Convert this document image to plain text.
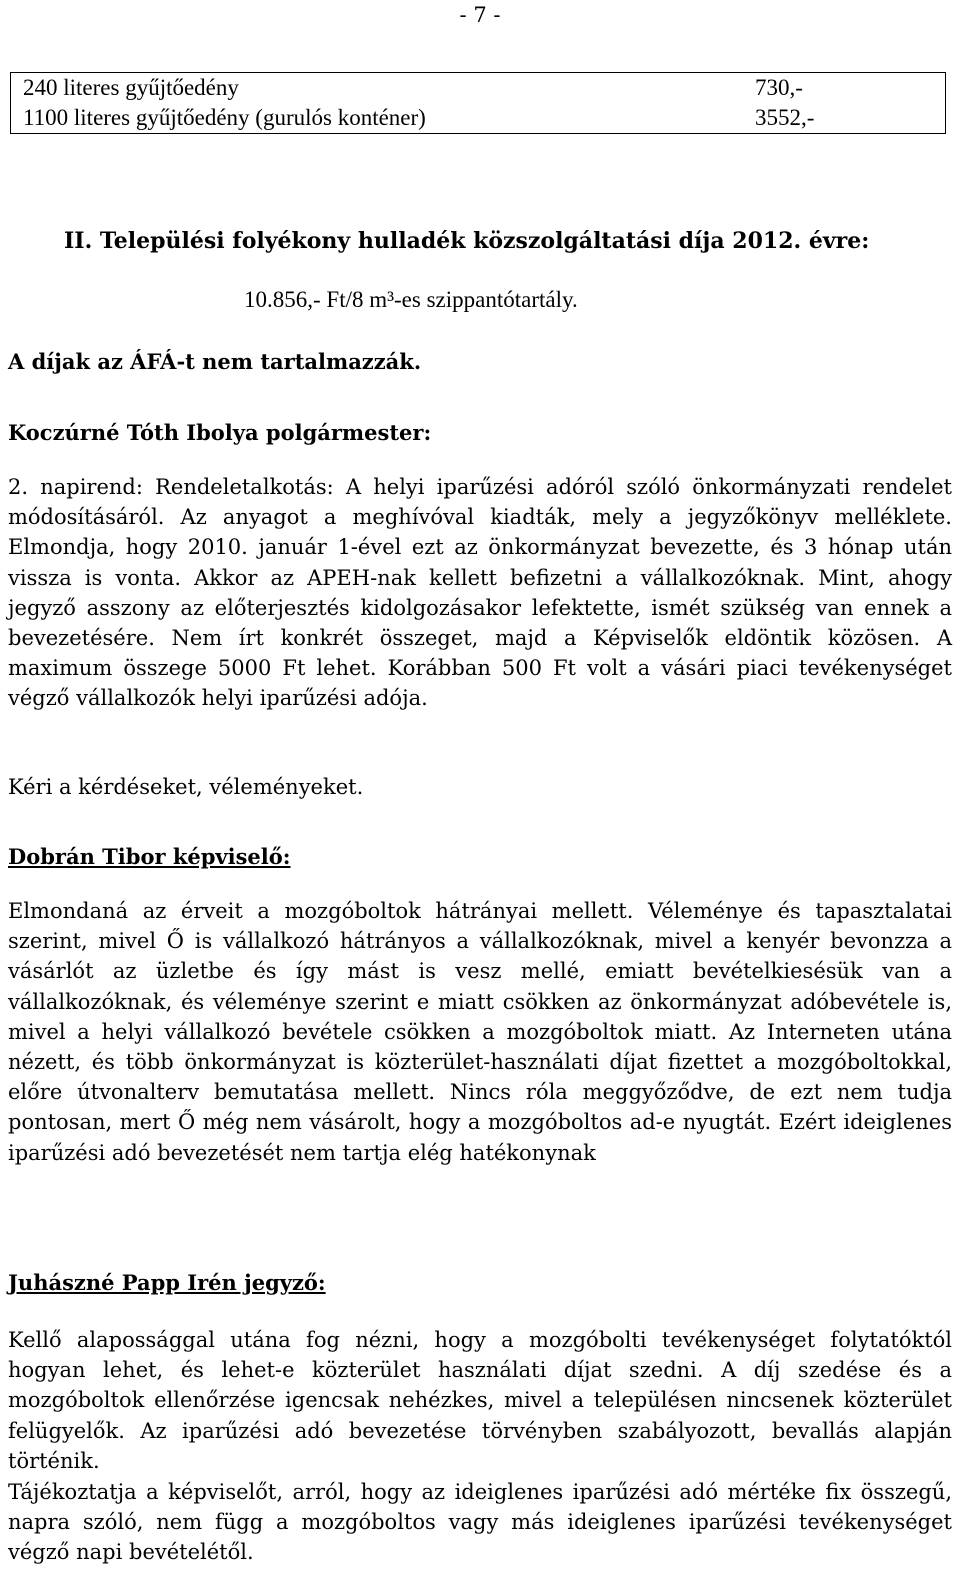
- 7 -
240 literes gyűjtőedény	730,-
1100 literes gyűjtőedény (gurulós konténer)	3552,-
II. Települési folyékony hulladék közszolgáltatási díja 2012. évre:
10.856,- Ft/8 m³-es szippantótartály.
A díjak az ÁFÁ-t nem tartalmazzák.
Koczúrné Tóth Ibolya polgármester:
2. napirend: Rendeletalkotás: A helyi iparűzési adóról szóló önkormányzati rendelet módosításáról. Az anyagot a meghívóval kiadták, mely a jegyzőkönyv melléklete. Elmondja, hogy 2010. január 1-ével ezt az önkormányzat bevezette, és 3 hónap után vissza is vonta. Akkor az APEH-nak kellett befizetni a vállalkozóknak. Mint, ahogy jegyző asszony az előterjesztés kidolgozásakor lefektette, ismét szükség van ennek a bevezetésére. Nem írt konkrét összeget, majd a Képviselők eldöntik közösen. A maximum összege 5000 Ft lehet. Korábban 500 Ft volt a vásári piaci tevékenységet végző vállalkozók helyi iparűzési adója.
Kéri a kérdéseket, véleményeket.
Dobrán Tibor képviselő:
Elmondaná az érveit a mozgóboltok hátrányai mellett. Véleménye és tapasztalatai szerint, mivel Ő is vállalkozó hátrányos a vállalkozóknak, mivel a kenyér bevonzza a vásárlót az üzletbe és így mást is vesz mellé, emiatt bevételkiesésük van a vállalkozóknak, és véleménye szerint e miatt csökken az önkormányzat adóbevétele is, mivel a helyi vállalkozó bevétele csökken a mozgóboltok miatt. Az Interneten utána nézett, és több önkormányzat is közterület-használati díjat fizettet a mozgóboltokkal, előre útvonalterv bemutatása mellett. Nincs róla meggyőződve, de ezt nem tudja pontosan, mert Ő még nem vásárolt, hogy a mozgóboltos ad-e nyugtát. Ezért ideiglenes iparűzési adó bevezetését nem tartja elég hatékonynak
Juhászné Papp Irén jegyző:
Kellő alapossággal utána fog nézni, hogy a mozgóbolti tevékenységet folytatóktól hogyan lehet, és lehet-e közterület használati díjat szedni. A díj szedése és a mozgóboltok ellenőrzése igencsak nehézkes, mivel a településen nincsenek közterület felügyelők. Az iparűzési adó bevezetése törvényben szabályozott, bevallás alapján történik.
Tájékoztatja a képviselőt, arról, hogy az ideiglenes iparűzési adó mértéke fix összegű, napra szóló, nem függ a mozgóboltos vagy más ideiglenes iparűzési tevékenységet végző napi bevételétől.
